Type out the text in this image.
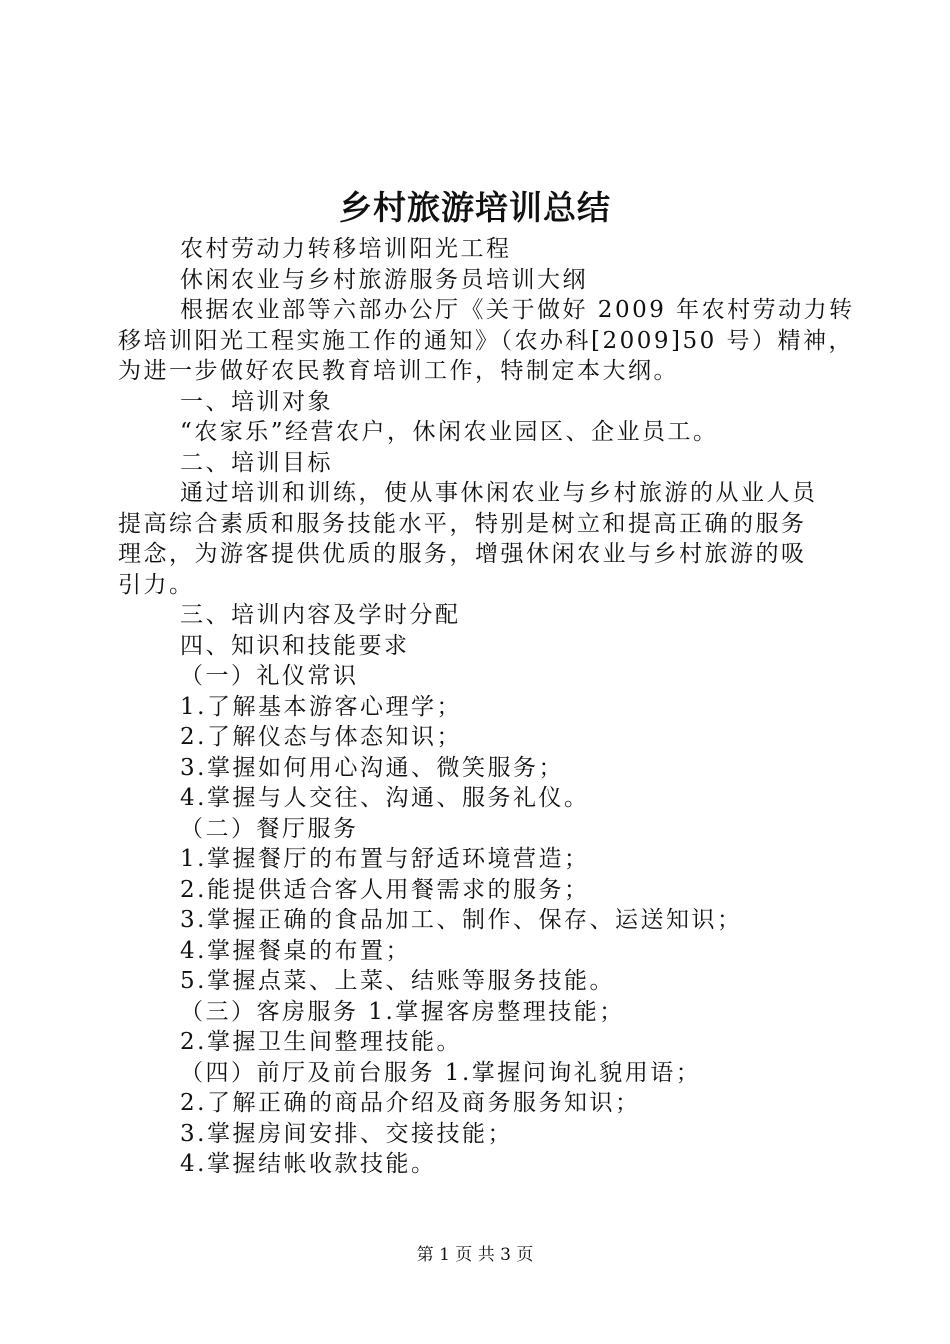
乡村旅游培训总结

农村劳动力转移培训阳光工程

休闲农业与乡村旅游服务员培训大纲

根据农业部等六部办公厅《关于做好 2009 年农村劳动力转

移培训阳光工程实施工作的通知》（农办科[2009]50 号）精神，

为进一步做好农民教育培训工作，特制定本大纲。

一、培训对象

“农家乐”经营农户，休闲农业园区、企业员工。

二、培训目标

通过培训和训练，使从事休闲农业与乡村旅游的从业人员

提高综合素质和服务技能水平，特别是树立和提高正确的服务

理念，为游客提供优质的服务，增强休闲农业与乡村旅游的吸

引力。

三、培训内容及学时分配

四、知识和技能要求

（一）礼仪常识

1.了解基本游客心理学；

2.了解仪态与体态知识；

3.掌握如何用心沟通、微笑服务；

4.掌握与人交往、沟通、服务礼仪。

（二）餐厅服务

1.掌握餐厅的布置与舒适环境营造；

2.能提供适合客人用餐需求的服务；

3.掌握正确的食品加工、制作、保存、运送知识；

4.掌握餐桌的布置；

5.掌握点菜、上菜、结账等服务技能。

（三）客房服务 1.掌握客房整理技能；

2.掌握卫生间整理技能。

（四）前厅及前台服务 1.掌握问询礼貌用语；

2.了解正确的商品介绍及商务服务知识；

3.掌握房间安排、交接技能；

4.掌握结帐收款技能。

第 1 页 共 3 页
